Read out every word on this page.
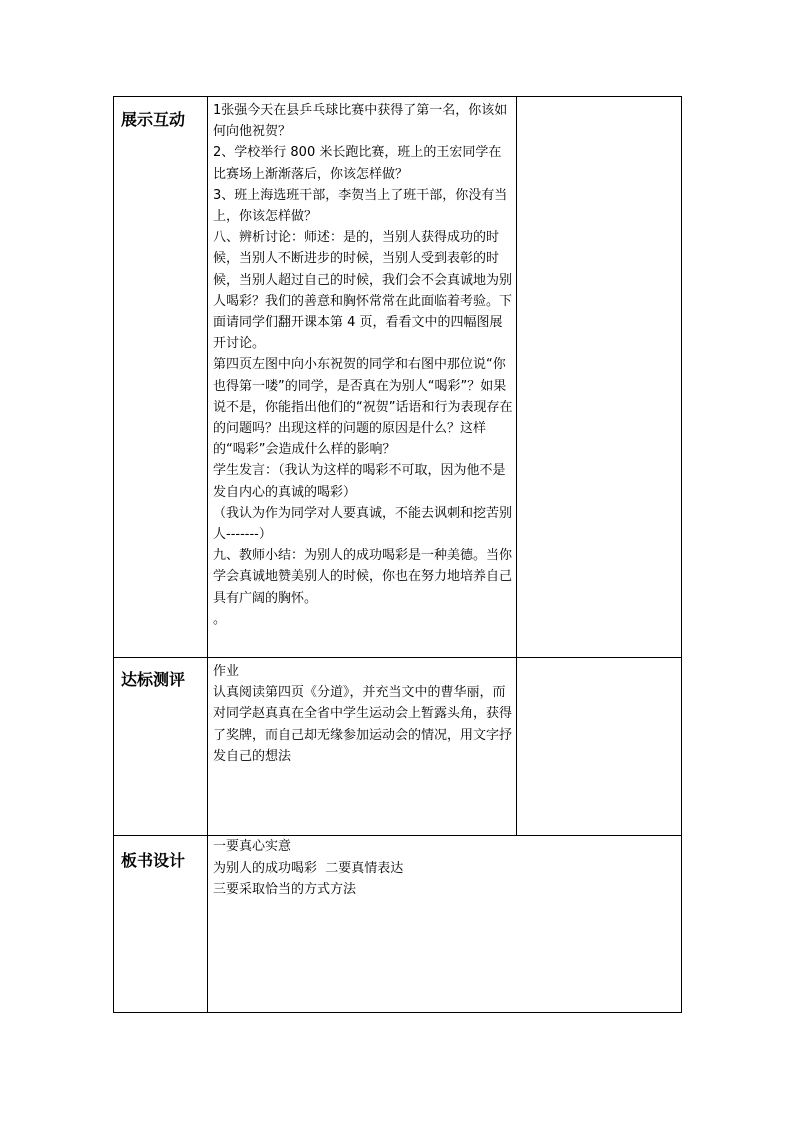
展示互动	1张强今天在县乒乓球比赛中获得了第一名，你该如何向他祝贺？
2、学校举行 800 米长跑比赛，班上的王宏同学在比赛场上渐渐落后，你该怎样做？
3、班上海选班干部，李贺当上了班干部，你没有当上，你该怎样做？
八、辨析讨论：师述：是的，当别人获得成功的时候，当别人不断进步的时候，当别人受到表彰的时候，当别人超过自己的时候，我们会不会真诚地为别人喝彩？我们的善意和胸怀常常在此面临着考验。下面请同学们翻开课本第 4 页，看看文中的四幅图展开讨论。
第四页左图中向小东祝贺的同学和右图中那位说“你也得第一喽”的同学，是否真在为别人“喝彩”？如果说不是，你能指出他们的“祝贺”话语和行为表现存在的问题吗？出现这样的问题的原因是什么？这样的“喝彩”会造成什么样的影响？
学生发言：（我认为这样的喝彩不可取，因为他不是发自内心的真诚的喝彩）
（我认为作为同学对人要真诚，不能去讽刺和挖苦别人-------）
九、教师小结：为别人的成功喝彩是一种美德。当你学会真诚地赞美别人的时候，你也在努力地培养自己具有广阔的胸怀。
。
达标测评	作业
认真阅读第四页《分道》，并充当文中的曹华丽，而对同学赵真真在全省中学生运动会上暂露头角，获得了奖牌，而自己却无缘参加运动会的情况，用文字抒发自己的想法
板书设计
一要真心实意
为别人的成功喝彩  二要真情表达
三要采取恰当的方式方法
